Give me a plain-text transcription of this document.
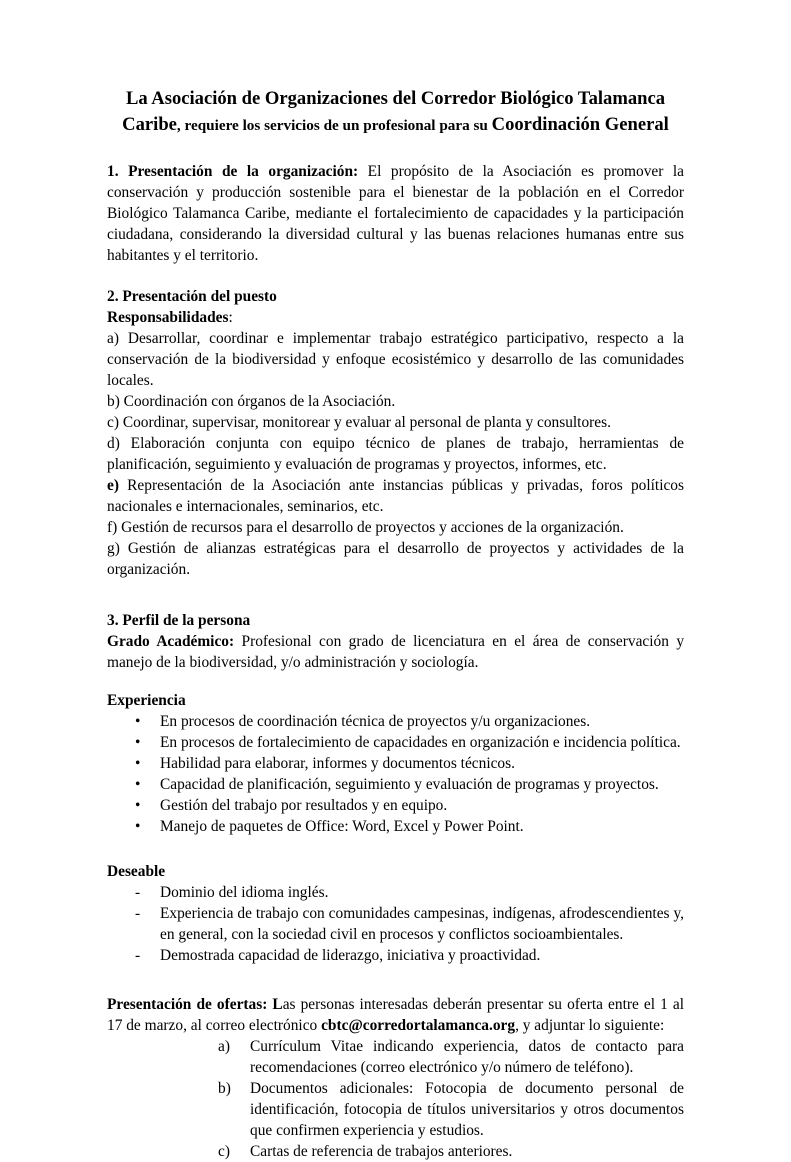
La Asociación de Organizaciones del Corredor Biológico Talamanca Caribe, requiere los servicios de un profesional para su Coordinación General

1. Presentación de la organización: El propósito de la Asociación es promover la conservación y producción sostenible para el bienestar de la población en el Corredor Biológico Talamanca Caribe, mediante el fortalecimiento de capacidades y la participación ciudadana, considerando la diversidad cultural y las buenas relaciones humanas entre sus habitantes y el territorio.

2. Presentación del puesto

Responsabilidades:

a) Desarrollar, coordinar e implementar trabajo estratégico participativo, respecto a la conservación de la biodiversidad y enfoque ecosistémico y desarrollo de las comunidades locales.

b) Coordinación con órganos de la Asociación.

c) Coordinar, supervisar, monitorear y evaluar al personal de planta y consultores.

d) Elaboración conjunta con equipo técnico de planes de trabajo, herramientas de planificación, seguimiento y evaluación de programas y proyectos, informes, etc.

e) Representación de la Asociación ante instancias públicas y privadas, foros políticos nacionales e internacionales, seminarios, etc.

f) Gestión de recursos para el desarrollo de proyectos y acciones de la organización.

g) Gestión de alianzas estratégicas para el desarrollo de proyectos y actividades de la organización.

3. Perfil de la persona

Grado Académico: Profesional con grado de licenciatura en el área de conservación y manejo de la biodiversidad, y/o administración y sociología.

Experiencia

•	En procesos de coordinación técnica de proyectos y/u organizaciones.
•	En procesos de fortalecimiento de capacidades en organización e incidencia política.
•	Habilidad para elaborar, informes y documentos técnicos.
•	Capacidad de planificación, seguimiento y evaluación de programas y proyectos.
•	Gestión del trabajo por resultados y en equipo.
•	Manejo de paquetes de Office: Word, Excel y Power Point.

Deseable

-	Dominio del idioma inglés.
-	Experiencia de trabajo con comunidades campesinas, indígenas, afrodescendientes y, en general, con la sociedad civil en procesos y conflictos socioambientales.
-	Demostrada capacidad de liderazgo, iniciativa y proactividad.

Presentación de ofertas: Las personas interesadas deberán presentar su oferta entre el 1 al 17 de marzo, al correo electrónico cbtc@corredortalamanca.org, y adjuntar lo siguiente:

a)	Currículum Vitae indicando experiencia, datos de contacto para recomendaciones (correo electrónico y/o número de teléfono).
b)	Documentos adicionales: Fotocopia de documento personal de identificación, fotocopia de títulos universitarios y otros documentos que confirmen experiencia y estudios.
c)	Cartas de referencia de trabajos anteriores.
